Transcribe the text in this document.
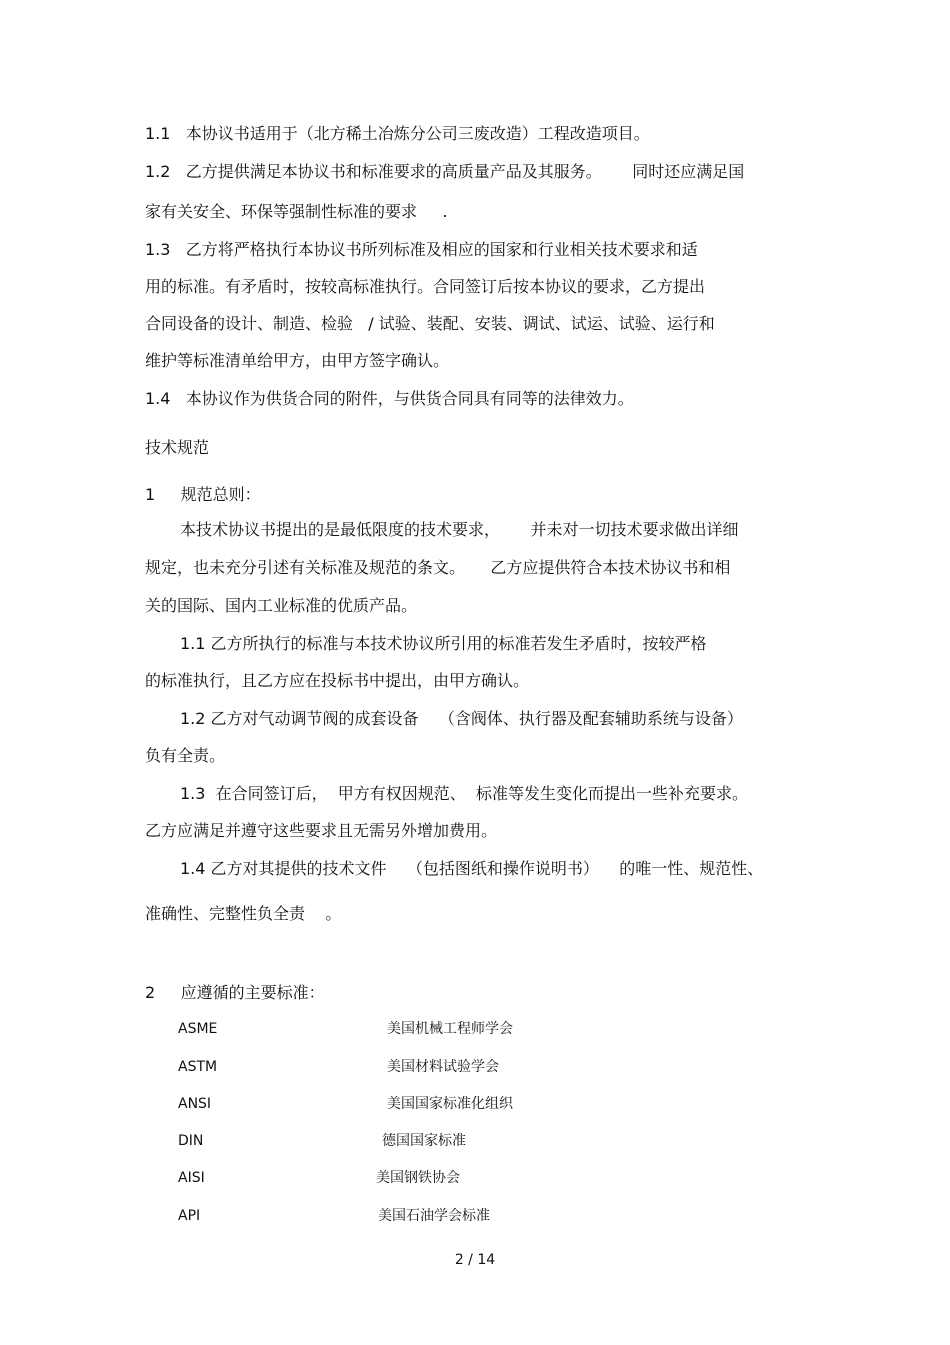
1.1   本协议书适用于（北方稀土冶炼分公司三废改造）工程改造项目。
1.2   乙方提供满足本协议书和标准要求的高质量产品及其服务。      同时还应满足国
家有关安全、环保等强制性标准的要求     .
1.3   乙方将严格执行本协议书所列标准及相应的国家和行业相关技术要求和适
用的标准。有矛盾时，按较高标准执行。合同签订后按本协议的要求，乙方提出
合同设备的设计、制造、检验   / 试验、装配、安装、调试、试运、试验、运行和
维护等标准清单给甲方，由甲方签字确认。
1.4   本协议作为供货合同的附件，与供货合同具有同等的法律效力。
技术规范
1     规范总则：
本技术协议书提出的是最低限度的技术要求，      并未对一切技术要求做出详细
规定，也未充分引述有关标准及规范的条文。     乙方应提供符合本技术协议书和相
关的国际、国内工业标准的优质产品。
1.1 乙方所执行的标准与本技术协议所引用的标准若发生矛盾时，按较严格
的标准执行，且乙方应在投标书中提出，由甲方确认。
1.2 乙方对气动调节阀的成套设备    （含阀体、执行器及配套辅助系统与设备）
负有全责。
1.3  在合同签订后，  甲方有权因规范、  标准等发生变化而提出一些补充要求。
乙方应满足并遵守这些要求且无需另外增加费用。
1.4 乙方对其提供的技术文件    （包括图纸和操作说明书）    的唯一性、规范性、
准确性、完整性负全责    。
2     应遵循的主要标准：
ASME	美国机械工程师学会
ASTM	美国材料试验学会
ANSI	美国国家标准化组织
DIN	德国国家标准
AISI	美国钢铁协会
API	美国石油学会标准
2 / 14
